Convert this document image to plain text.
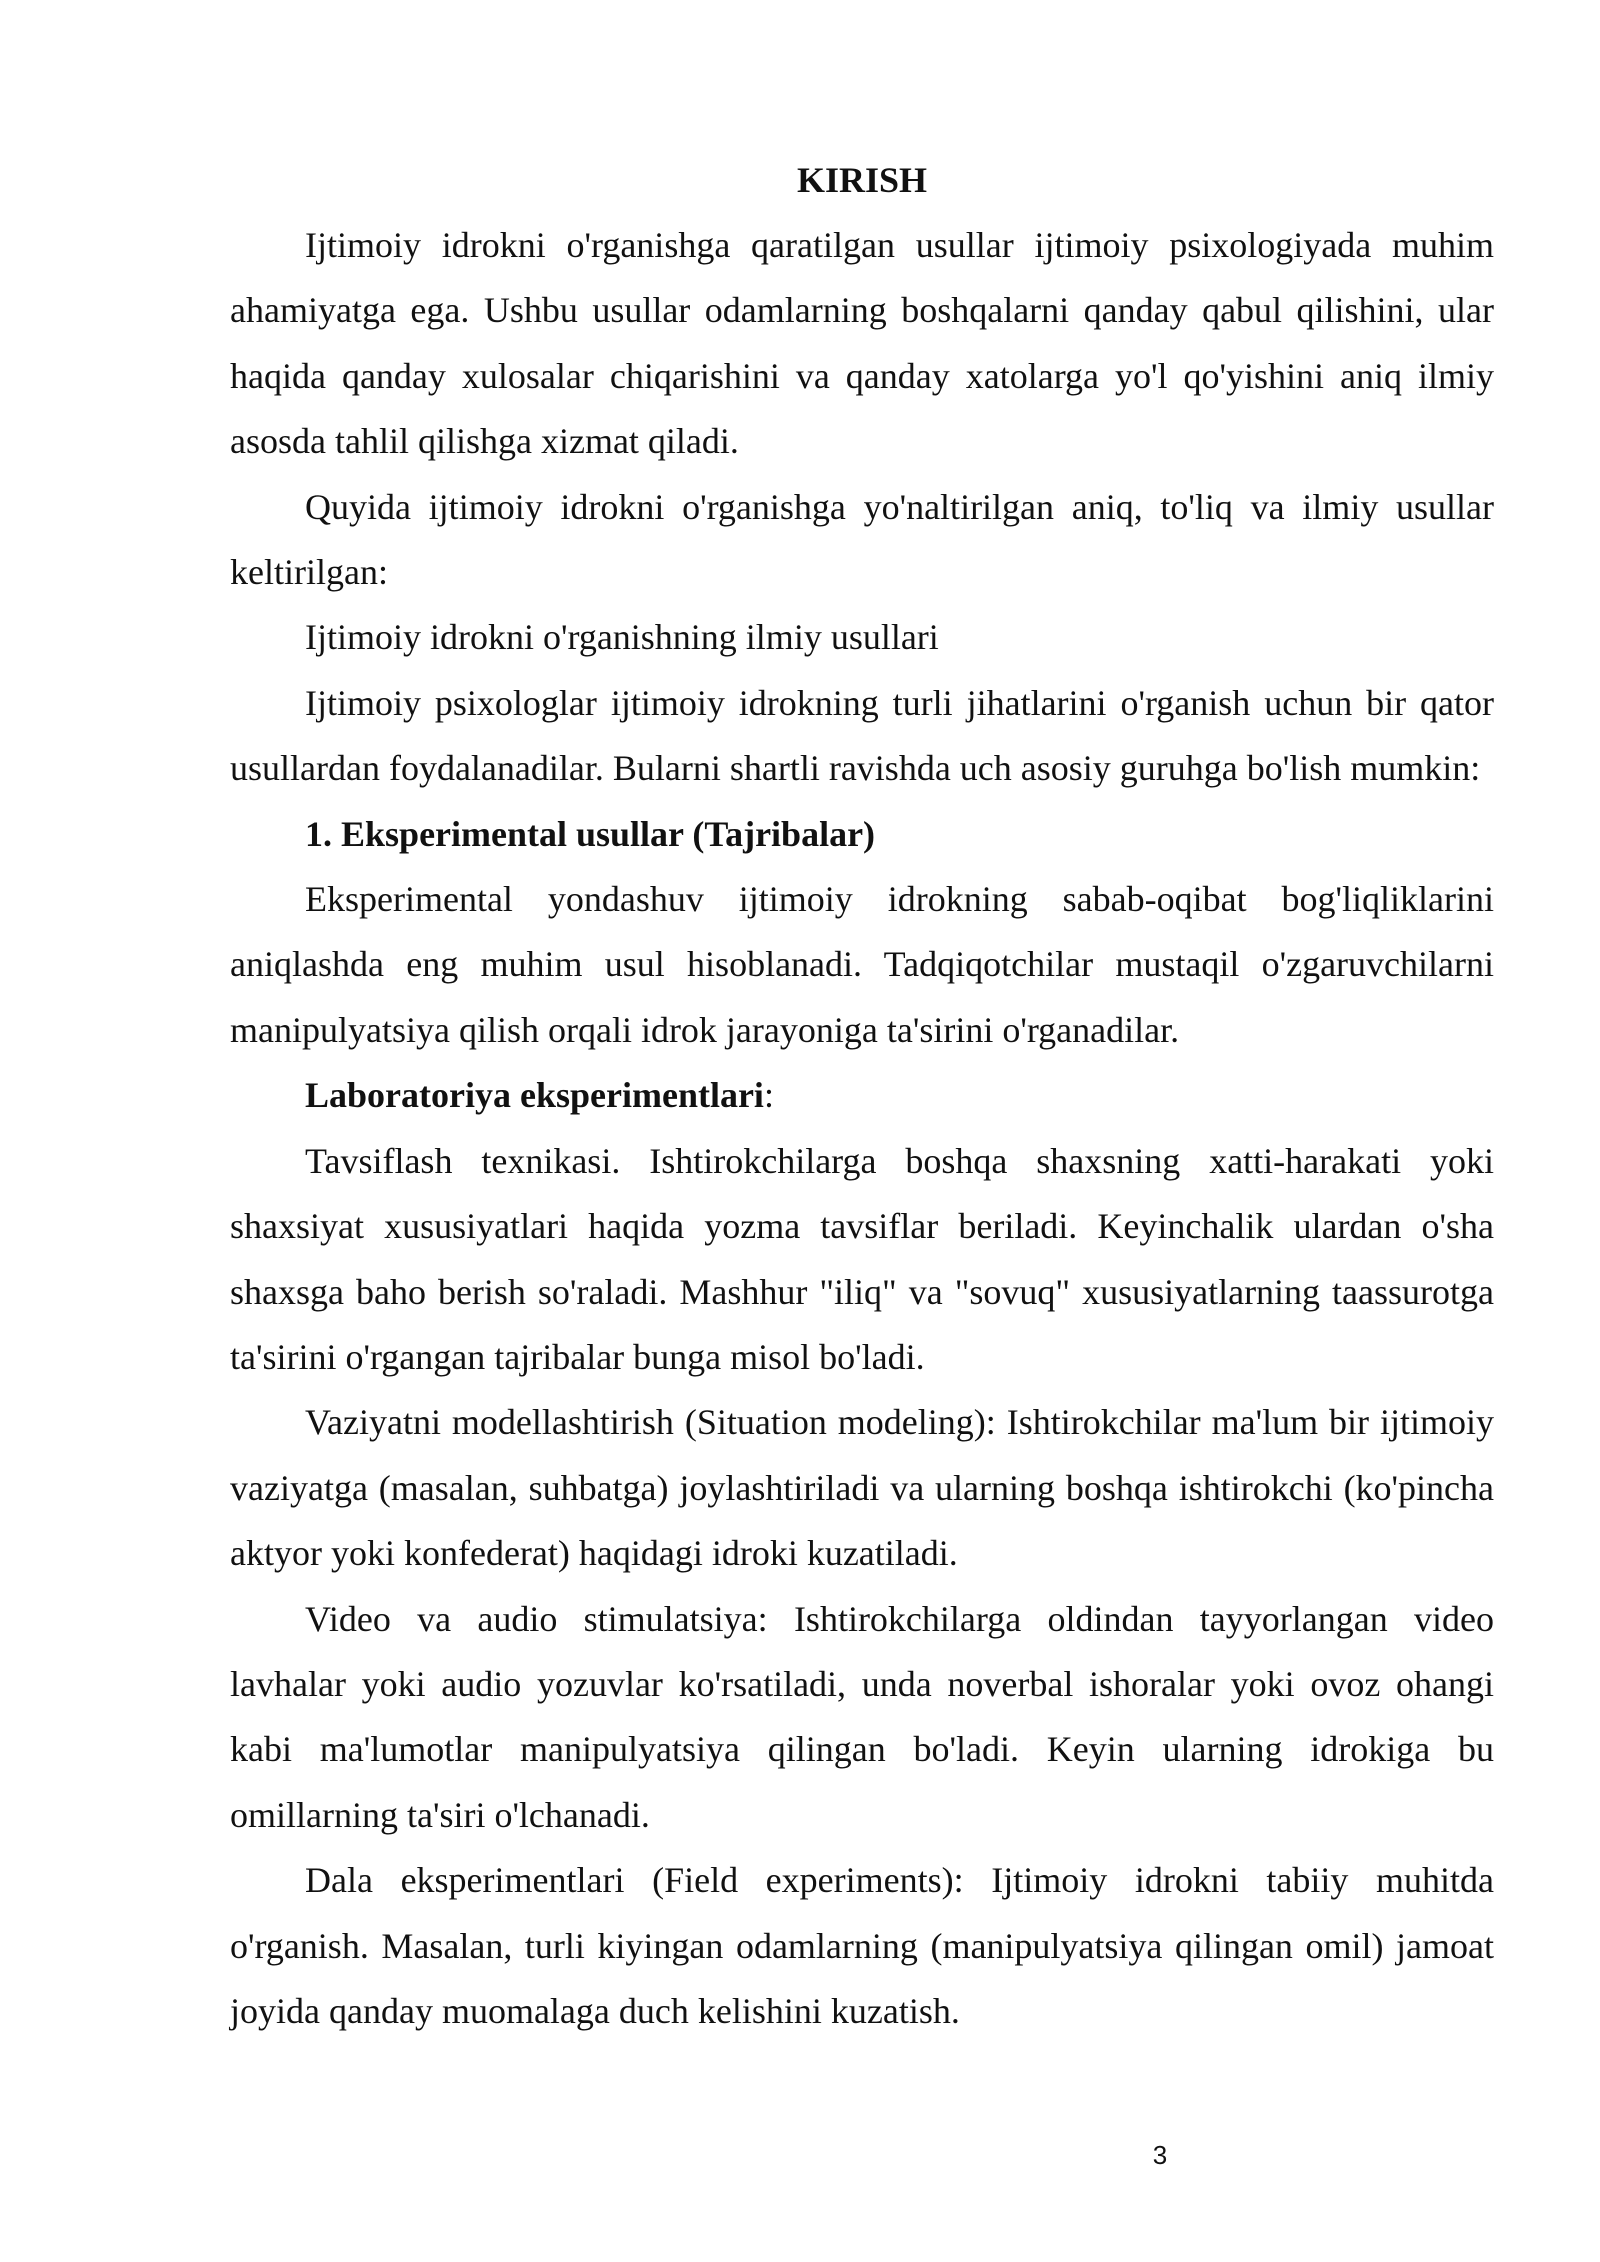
KIRISH

Ijtimoiy idrokni o'rganishga qaratilgan usullar ijtimoiy psixologiyada muhim ahamiyatga ega. Ushbu usullar odamlarning boshqalarni qanday qabul qilishini, ular haqida qanday xulosalar chiqarishini va qanday xatolarga yo'l qo'yishini aniq ilmiy asosda tahlil qilishga xizmat qiladi.

Quyida ijtimoiy idrokni o'rganishga yo'naltirilgan aniq, to'liq va ilmiy usullar keltirilgan:

Ijtimoiy idrokni o'rganishning ilmiy usullari

Ijtimoiy psixologlar ijtimoiy idrokning turli jihatlarini o'rganish uchun bir qator usullardan foydalanadilar. Bularni shartli ravishda uch asosiy guruhga bo'lish mumkin:

1. Eksperimental usullar (Tajribalar)

Eksperimental yondashuv ijtimoiy idrokning sabab-oqibat bog'liqliklarini aniqlashda eng muhim usul hisoblanadi. Tadqiqotchilar mustaqil o'zgaruvchilarni manipulyatsiya qilish orqali idrok jarayoniga ta'sirini o'rganadilar.

Laboratoriya eksperimentlari:

Tavsiflash texnikasi. Ishtirokchilarga boshqa shaxsning xatti-harakati yoki shaxsiyat xususiyatlari haqida yozma tavsiflar beriladi. Keyinchalik ulardan o'sha shaxsga baho berish so'raladi. Mashhur "iliq" va "sovuq" xususiyatlarning taassurotga ta'sirini o'rgangan tajribalar bunga misol bo'ladi.

Vaziyatni modellashtirish (Situation modeling): Ishtirokchilar ma'lum bir ijtimoiy vaziyatga (masalan, suhbatga) joylashtiriladi va ularning boshqa ishtirokchi (ko'pincha aktyor yoki konfederat) haqidagi idroki kuzatiladi.

Video va audio stimulatsiya: Ishtirokchilarga oldindan tayyorlangan video lavhalar yoki audio yozuvlar ko'rsatiladi, unda noverbal ishoralar yoki ovoz ohangi kabi ma'lumotlar manipulyatsiya qilingan bo'ladi. Keyin ularning idrokiga bu omillarning ta'siri o'lchanadi.

Dala eksperimentlari (Field experiments): Ijtimoiy idrokni tabiiy muhitda o'rganish. Masalan, turli kiyingan odamlarning (manipulyatsiya qilingan omil) jamoat joyida qanday muomalaga duch kelishini kuzatish.

3
